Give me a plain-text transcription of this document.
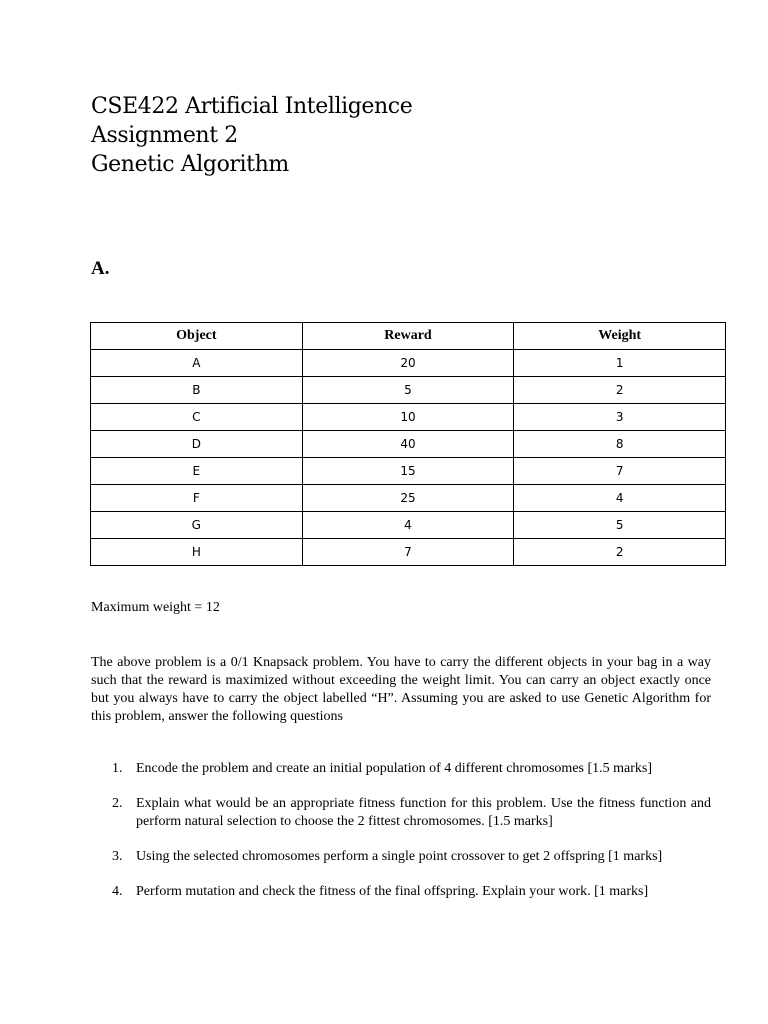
CSE422 Artificial Intelligence
Assignment 2
Genetic Algorithm
A.
Object	Reward	Weight
A	20	1
B	5	2
C	10	3
D	40	8
E	15	7
F	25	4
G	4	5
H	7	2
Maximum weight = 12
The above problem is a 0/1 Knapsack problem. You have to carry the different objects in your bag in a way such that the reward is maximized without exceeding the weight limit. You can carry an object exactly once but you always have to carry the object labelled “H”. Assuming you are asked to use Genetic Algorithm for this problem, answer the following questions
1. Encode the problem and create an initial population of 4 different chromosomes [1.5 marks]
2. Explain what would be an appropriate fitness function for this problem. Use the fitness function and perform natural selection to choose the 2 fittest chromosomes. [1.5 marks]
3. Using the selected chromosomes perform a single point crossover to get 2 offspring [1 marks]
4. Perform mutation and check the fitness of the final offspring. Explain your work. [1 marks]
